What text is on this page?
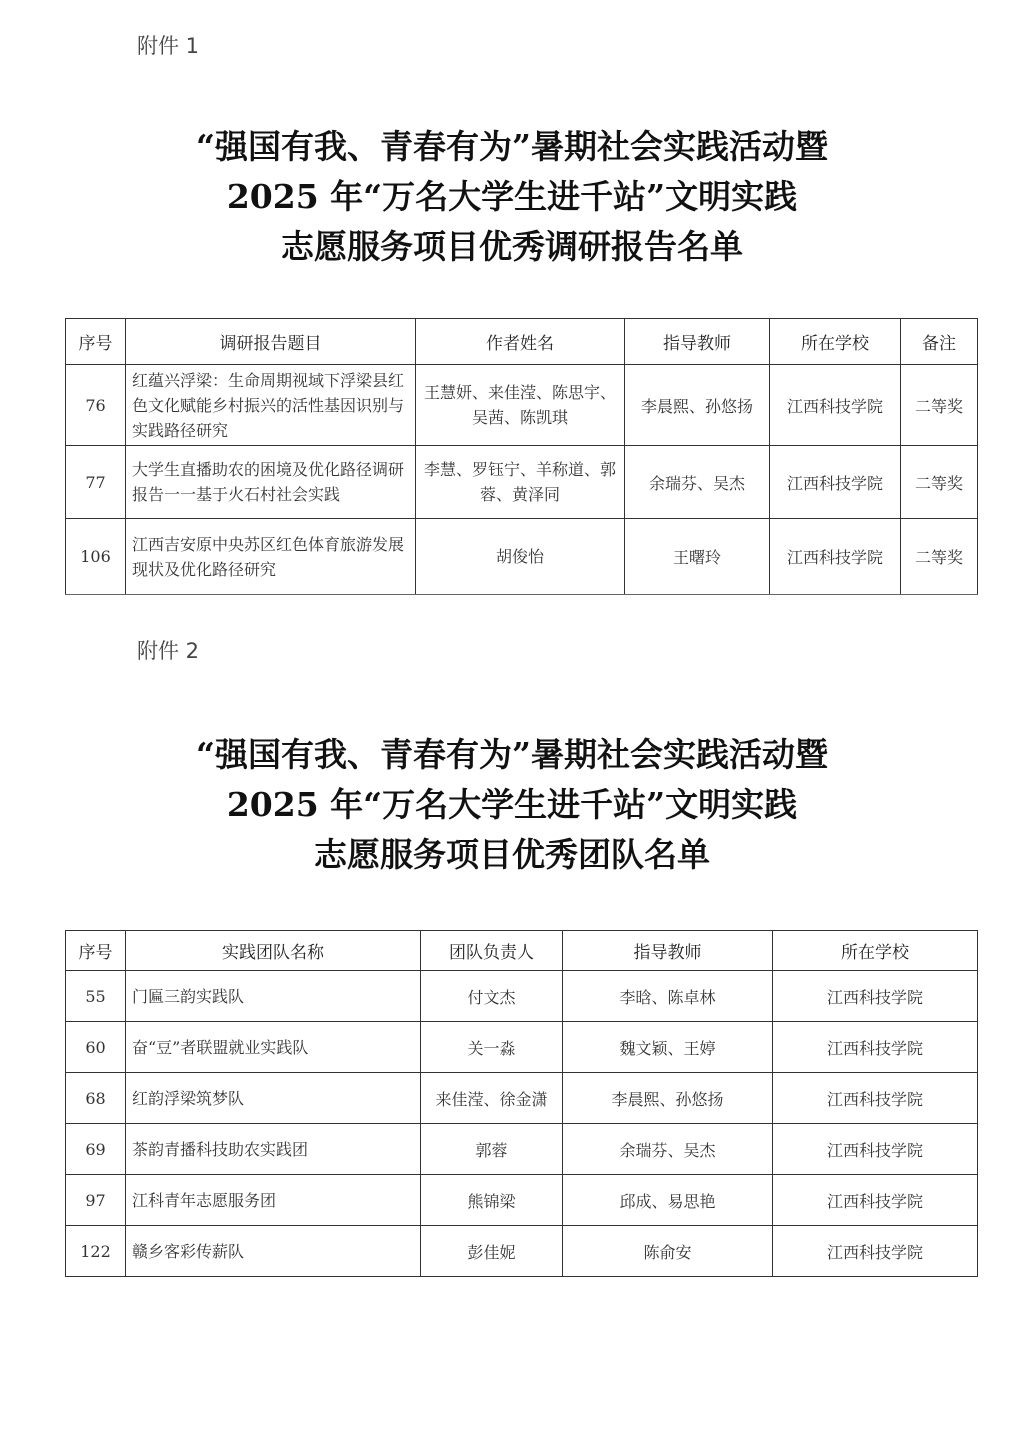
附件 1
“强国有我、青春有为”暑期社会实践活动暨
2025 年“万名大学生进千站”文明实践
志愿服务项目优秀调研报告名单
序号	调研报告题目	作者姓名	指导教师	所在学校	备注
76	红蕴兴浮梁：生命周期视域下浮梁县红色文化赋能乡村振兴的活性基因识别与实践路径研究	王慧妍、来佳滢、陈思宇、吴茜、陈凯琪	李晨熙、孙悠扬	江西科技学院	二等奖
77	大学生直播助农的困境及优化路径调研报告一一基于火石村社会实践	李慧、罗钰宁、羊称道、郭蓉、黄泽同	余瑞芬、吴杰	江西科技学院	二等奖
106	江西吉安原中央苏区红色体育旅游发展现状及优化路径研究	胡俊怡	王曙玲	江西科技学院	二等奖
附件 2
“强国有我、青春有为”暑期社会实践活动暨
2025 年“万名大学生进千站”文明实践
志愿服务项目优秀团队名单
序号	实践团队名称	团队负责人	指导教师	所在学校
55	门匾三韵实践队	付文杰	李晗、陈卓林	江西科技学院
60	奋“豆”者联盟就业实践队	关一淼	魏文颖、王婷	江西科技学院
68	红韵浮梁筑梦队	来佳滢、徐金潇	李晨熙、孙悠扬	江西科技学院
69	茶韵青播科技助农实践团	郭蓉	余瑞芬、吴杰	江西科技学院
97	江科青年志愿服务团	熊锦梁	邱成、易思艳	江西科技学院
122	赣乡客彩传薪队	彭佳妮	陈俞安	江西科技学院
